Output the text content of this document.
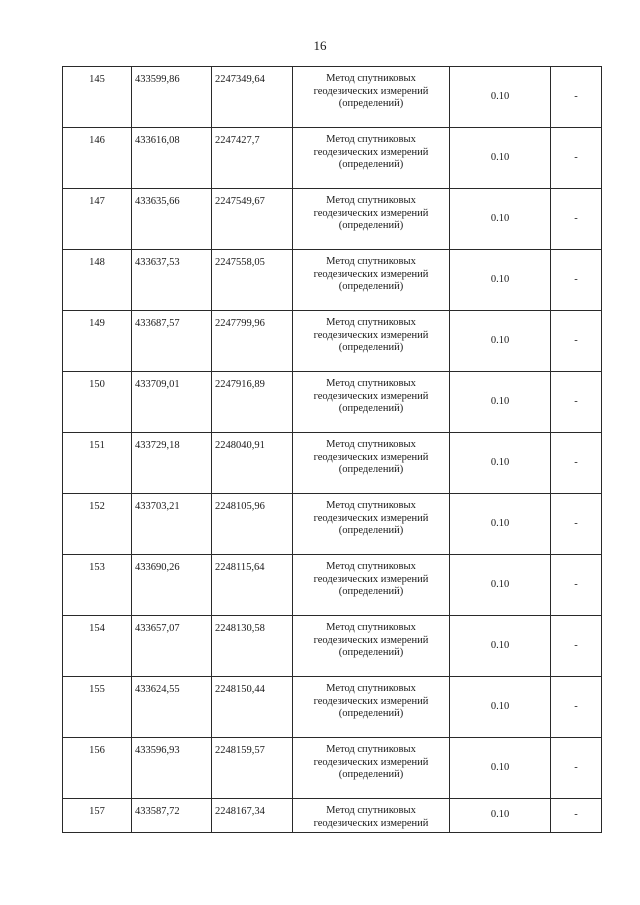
16
145	433599,86	2247349,64	Метод спутниковых геодезических измерений (определений)	0.10	-

146	433616,08	2247427,7	Метод спутниковых геодезических измерений (определений)	0.10	-

147	433635,66	2247549,67	Метод спутниковых геодезических измерений (определений)	0.10	-

148	433637,53	2247558,05	Метод спутниковых геодезических измерений (определений)	0.10	-

149	433687,57	2247799,96	Метод спутниковых геодезических измерений (определений)	0.10	-

150	433709,01	2247916,89	Метод спутниковых геодезических измерений (определений)	0.10	-

151	433729,18	2248040,91	Метод спутниковых геодезических измерений (определений)	0.10	-

152	433703,21	2248105,96	Метод спутниковых геодезических измерений (определений)	0.10	-

153	433690,26	2248115,64	Метод спутниковых геодезических измерений (определений)	0.10	-

154	433657,07	2248130,58	Метод спутниковых геодезических измерений (определений)	0.10	-

155	433624,55	2248150,44	Метод спутниковых геодезических измерений (определений)	0.10	-

156	433596,93	2248159,57	Метод спутниковых геодезических измерений (определений)	0.10	-

157	433587,72	2248167,34	Метод спутниковых геодезических измерений	0.10	-
